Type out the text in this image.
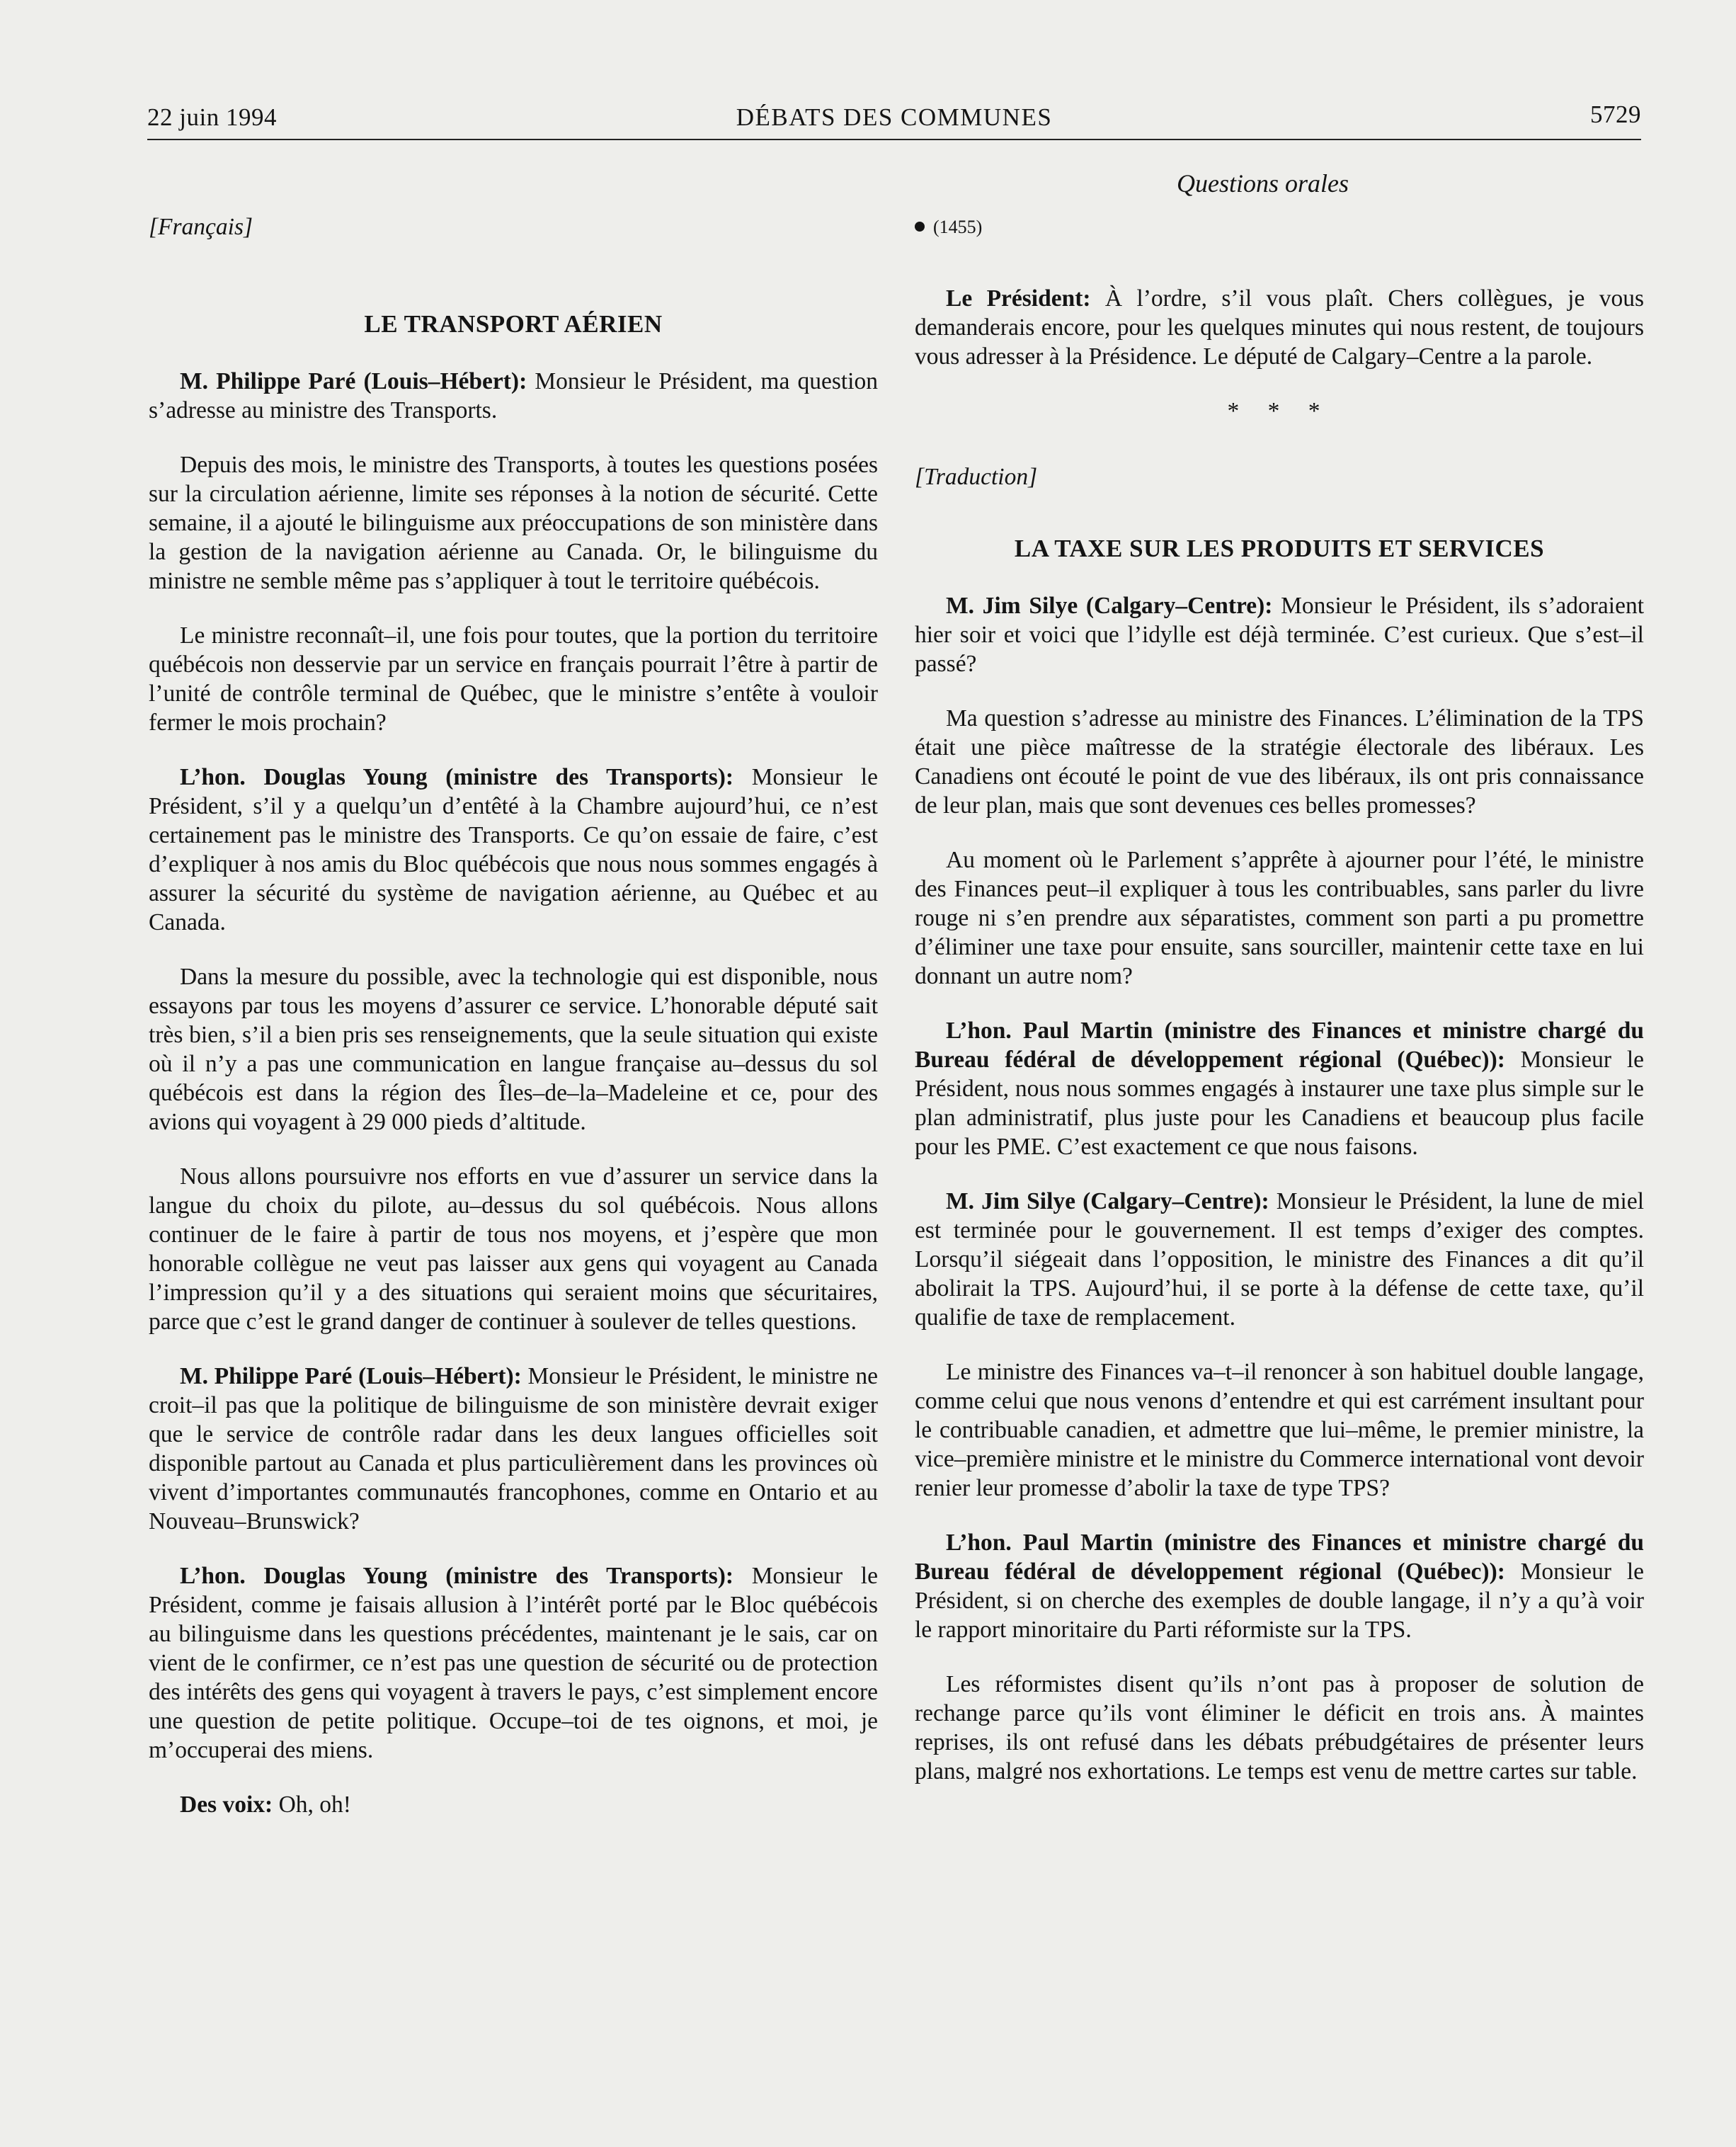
22 juin 1994	DÉBATS DES COMMUNES	5729
Questions orales

[Français]

LE TRANSPORT AÉRIEN

M. Philippe Paré (Louis–Hébert): Monsieur le Président, ma question s’adresse au ministre des Transports.

Depuis des mois, le ministre des Transports, à toutes les questions posées sur la circulation aérienne, limite ses réponses à la notion de sécurité. Cette semaine, il a ajouté le bilinguisme aux préoccupations de son ministère dans la gestion de la navigation aérienne au Canada. Or, le bilinguisme du ministre ne semble même pas s’appliquer à tout le territoire québécois.

Le ministre reconnaît–il, une fois pour toutes, que la portion du territoire québécois non desservie par un service en français pourrait l’être à partir de l’unité de contrôle terminal de Québec, que le ministre s’entête à vouloir fermer le mois prochain?

L’hon. Douglas Young (ministre des Transports): Monsieur le Président, s’il y a quelqu’un d’entêté à la Chambre aujourd’hui, ce n’est certainement pas le ministre des Transports. Ce qu’on essaie de faire, c’est d’expliquer à nos amis du Bloc québécois que nous nous sommes engagés à assurer la sécurité du système de navigation aérienne, au Québec et au Canada.

Dans la mesure du possible, avec la technologie qui est disponible, nous essayons par tous les moyens d’assurer ce service. L’honorable député sait très bien, s’il a bien pris ses renseignements, que la seule situation qui existe où il n’y a pas une communication en langue française au–dessus du sol québécois est dans la région des Îles–de–la–Madeleine et ce, pour des avions qui voyagent à 29 000 pieds d’altitude.

Nous allons poursuivre nos efforts en vue d’assurer un service dans la langue du choix du pilote, au–dessus du sol québécois. Nous allons continuer de le faire à partir de tous nos moyens, et j’espère que mon honorable collègue ne veut pas laisser aux gens qui voyagent au Canada l’impression qu’il y a des situations qui seraient moins que sécuritaires, parce que c’est le grand danger de continuer à soulever de telles questions.

M. Philippe Paré (Louis–Hébert): Monsieur le Président, le ministre ne croit–il pas que la politique de bilinguisme de son ministère devrait exiger que le service de contrôle radar dans les deux langues officielles soit disponible partout au Canada et plus particulièrement dans les provinces où vivent d’importantes communautés francophones, comme en Ontario et au Nouveau–Brunswick?

L’hon. Douglas Young (ministre des Transports): Monsieur le Président, comme je faisais allusion à l’intérêt porté par le Bloc québécois au bilinguisme dans les questions précédentes, maintenant je le sais, car on vient de le confirmer, ce n’est pas une question de sécurité ou de protection des intérêts des gens qui voyagent à travers le pays, c’est simplement encore une question de petite politique. Occupe–toi de tes oignons, et moi, je m’occuperai des miens.

Des voix: Oh, oh!

(1455)

Le Président: À l’ordre, s’il vous plaît. Chers collègues, je vous demanderais encore, pour les quelques minutes qui nous restent, de toujours vous adresser à la Présidence. Le député de Calgary–Centre a la parole.

* * *

[Traduction]

LA TAXE SUR LES PRODUITS ET SERVICES

M. Jim Silye (Calgary–Centre): Monsieur le Président, ils s’adoraient hier soir et voici que l’idylle est déjà terminée. C’est curieux. Que s’est–il passé?

Ma question s’adresse au ministre des Finances. L’élimination de la TPS était une pièce maîtresse de la stratégie électorale des libéraux. Les Canadiens ont écouté le point de vue des libéraux, ils ont pris connaissance de leur plan, mais que sont devenues ces belles promesses?

Au moment où le Parlement s’apprête à ajourner pour l’été, le ministre des Finances peut–il expliquer à tous les contribuables, sans parler du livre rouge ni s’en prendre aux séparatistes, comment son parti a pu promettre d’éliminer une taxe pour ensuite, sans sourciller, maintenir cette taxe en lui donnant un autre nom?

L’hon. Paul Martin (ministre des Finances et ministre chargé du Bureau fédéral de développement régional (Québec)): Monsieur le Président, nous nous sommes engagés à instaurer une taxe plus simple sur le plan administratif, plus juste pour les Canadiens et beaucoup plus facile pour les PME. C’est exactement ce que nous faisons.

M. Jim Silye (Calgary–Centre): Monsieur le Président, la lune de miel est terminée pour le gouvernement. Il est temps d’exiger des comptes. Lorsqu’il siégeait dans l’opposition, le ministre des Finances a dit qu’il abolirait la TPS. Aujourd’hui, il se porte à la défense de cette taxe, qu’il qualifie de taxe de remplacement.

Le ministre des Finances va–t–il renoncer à son habituel double langage, comme celui que nous venons d’entendre et qui est carrément insultant pour le contribuable canadien, et admettre que lui–même, le premier ministre, la vice–première ministre et le ministre du Commerce international vont devoir renier leur promesse d’abolir la taxe de type TPS?

L’hon. Paul Martin (ministre des Finances et ministre chargé du Bureau fédéral de développement régional (Québec)): Monsieur le Président, si on cherche des exemples de double langage, il n’y a qu’à voir le rapport minoritaire du Parti réformiste sur la TPS.

Les réformistes disent qu’ils n’ont pas à proposer de solution de rechange parce qu’ils vont éliminer le déficit en trois ans. À maintes reprises, ils ont refusé dans les débats prébudgétaires de présenter leurs plans, malgré nos exhortations. Le temps est venu de mettre cartes sur table.
